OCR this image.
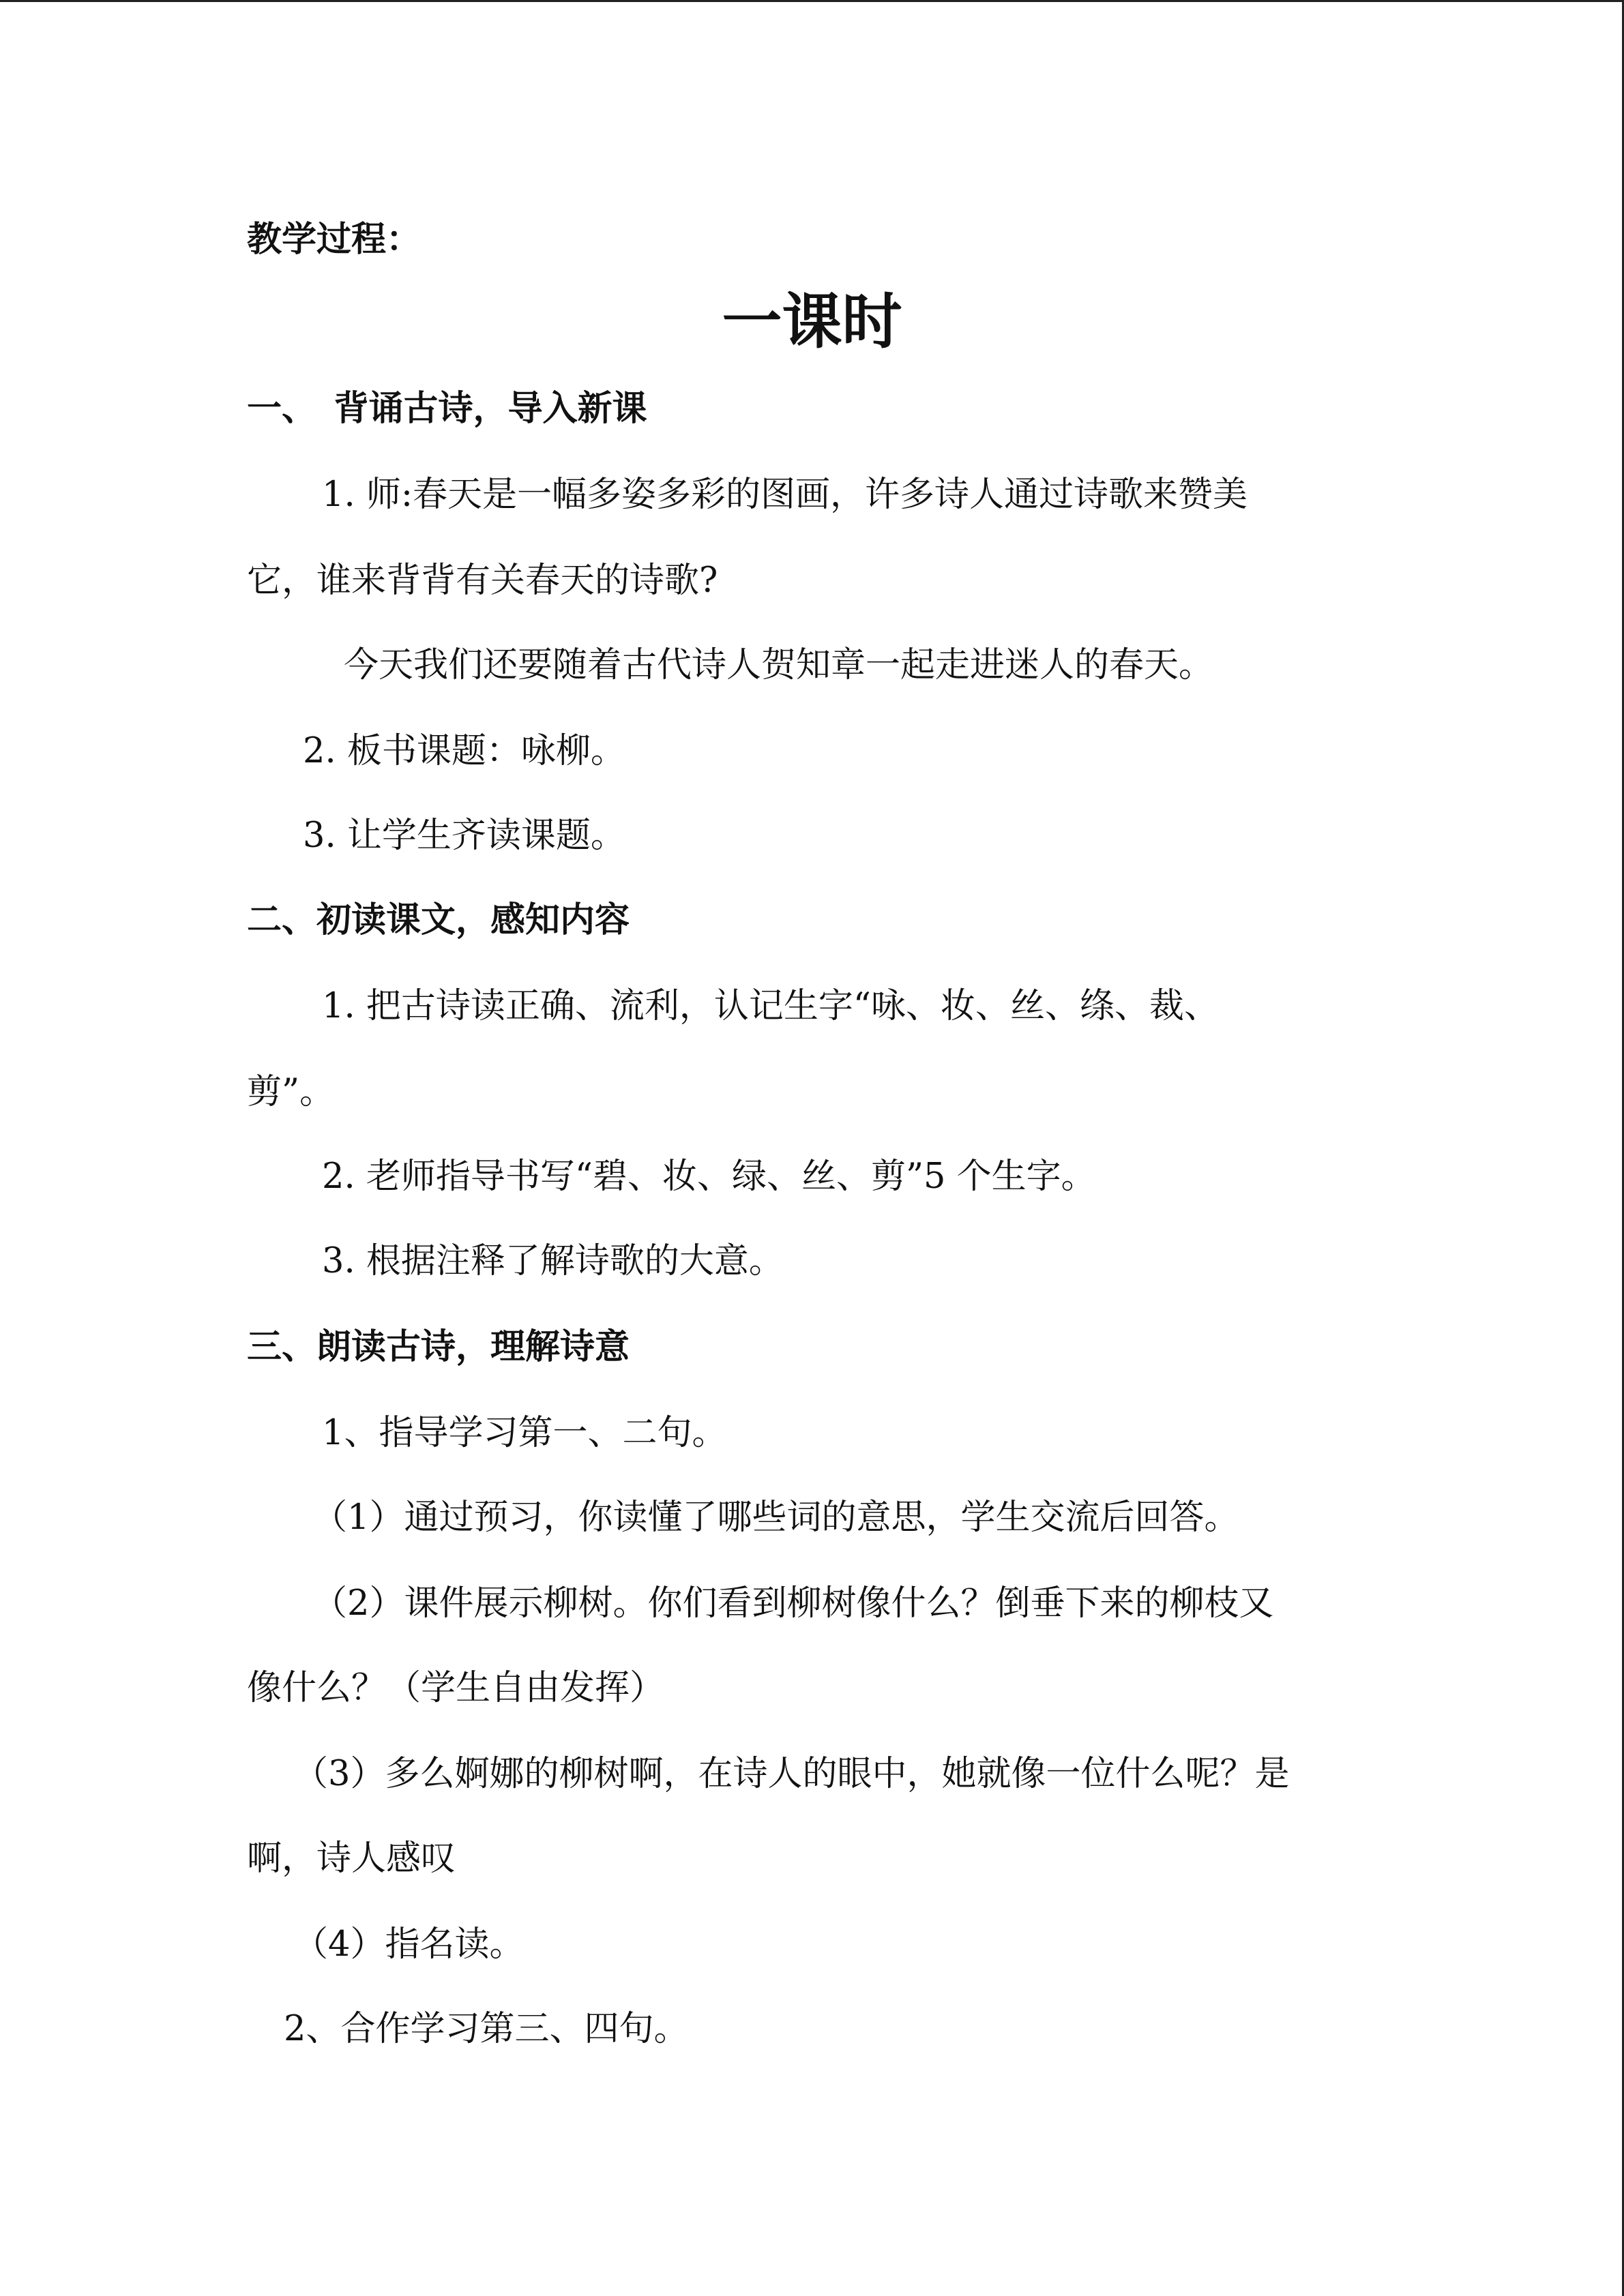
教学过程：
一课时
一、　背诵古诗，导入新课
1. 师:春天是一幅多姿多彩的图画，许多诗人通过诗歌来赞美
它，谁来背背有关春天的诗歌?
今天我们还要随着古代诗人贺知章一起走进迷人的春天。
2. 板书课题：咏柳。
3. 让学生齐读课题。
二、初读课文，感知内容
1. 把古诗读正确、流利，认记生字“咏、妆、丝、绦、裁、
剪”。
2. 老师指导书写“碧、妆、绿、丝、剪”5 个生字。
3. 根据注释了解诗歌的大意。
三、朗读古诗，理解诗意
1、指导学习第一、二句。
（1）通过预习，你读懂了哪些词的意思，学生交流后回答。
（2）课件展示柳树。你们看到柳树像什么？倒垂下来的柳枝又
像什么？（学生自由发挥）
（3）多么婀娜的柳树啊，在诗人的眼中，她就像一位什么呢？是
啊，诗人感叹
（4）指名读。
2、合作学习第三、四句。
